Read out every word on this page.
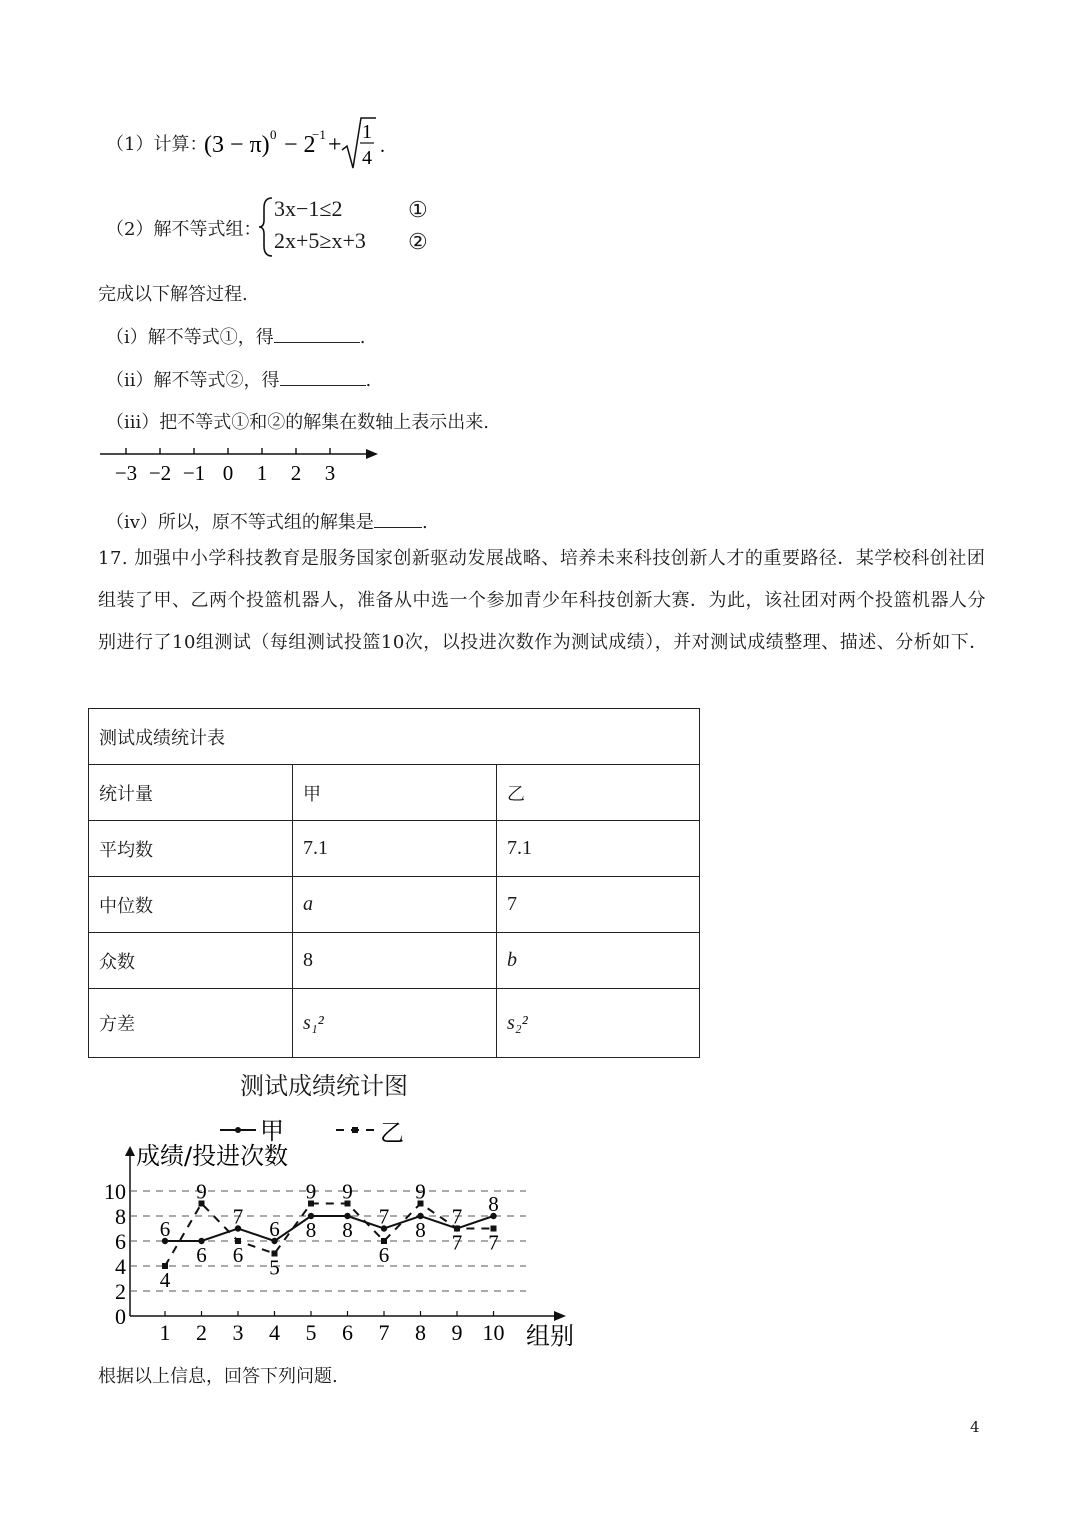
（1）计算：
(3 − π) 0 − 2
−1 + 1
4
.
（2）解不等式组：
3x−1≤2
2x+5≥x+3
①
②
完成以下解答过程.
（i）解不等式①，得	.
（ii）解不等式②，得	.
（iii）把不等式①和②的解集在数轴上表示出来.
−3 −2 −1 0 1 2 3
（iv）所以，原不等式组的解集是	.
17. 加强中小学科技教育是服务国家创新驱动发展战略、培养未来科技创新人才的重要路径．某学校科创社团组装了甲、乙两个投篮机器人，准备从中选一个参加青少年科技创新大赛．为此，该社团对两个投篮机器人分别进行了10组测试（每组测试投篮10次，以投进次数作为测试成绩），并对测试成绩整理、描述、分析如下．
测试成绩统计表		
统计量	甲	乙
平均数	7.1	7.1
中位数	a	7
众数	8	b
方差	s₁²	s₂²
测试成绩统计图
甲	乙
成绩/投进次数
组别
0
2
4
6
8
10
1 2 3 4 5 6 7 8 9 10
6
4
6
9
7
6
6
5
8
9
8
9
7
6
8
9
7
7
8
7
根据以上信息，回答下列问题.
4
